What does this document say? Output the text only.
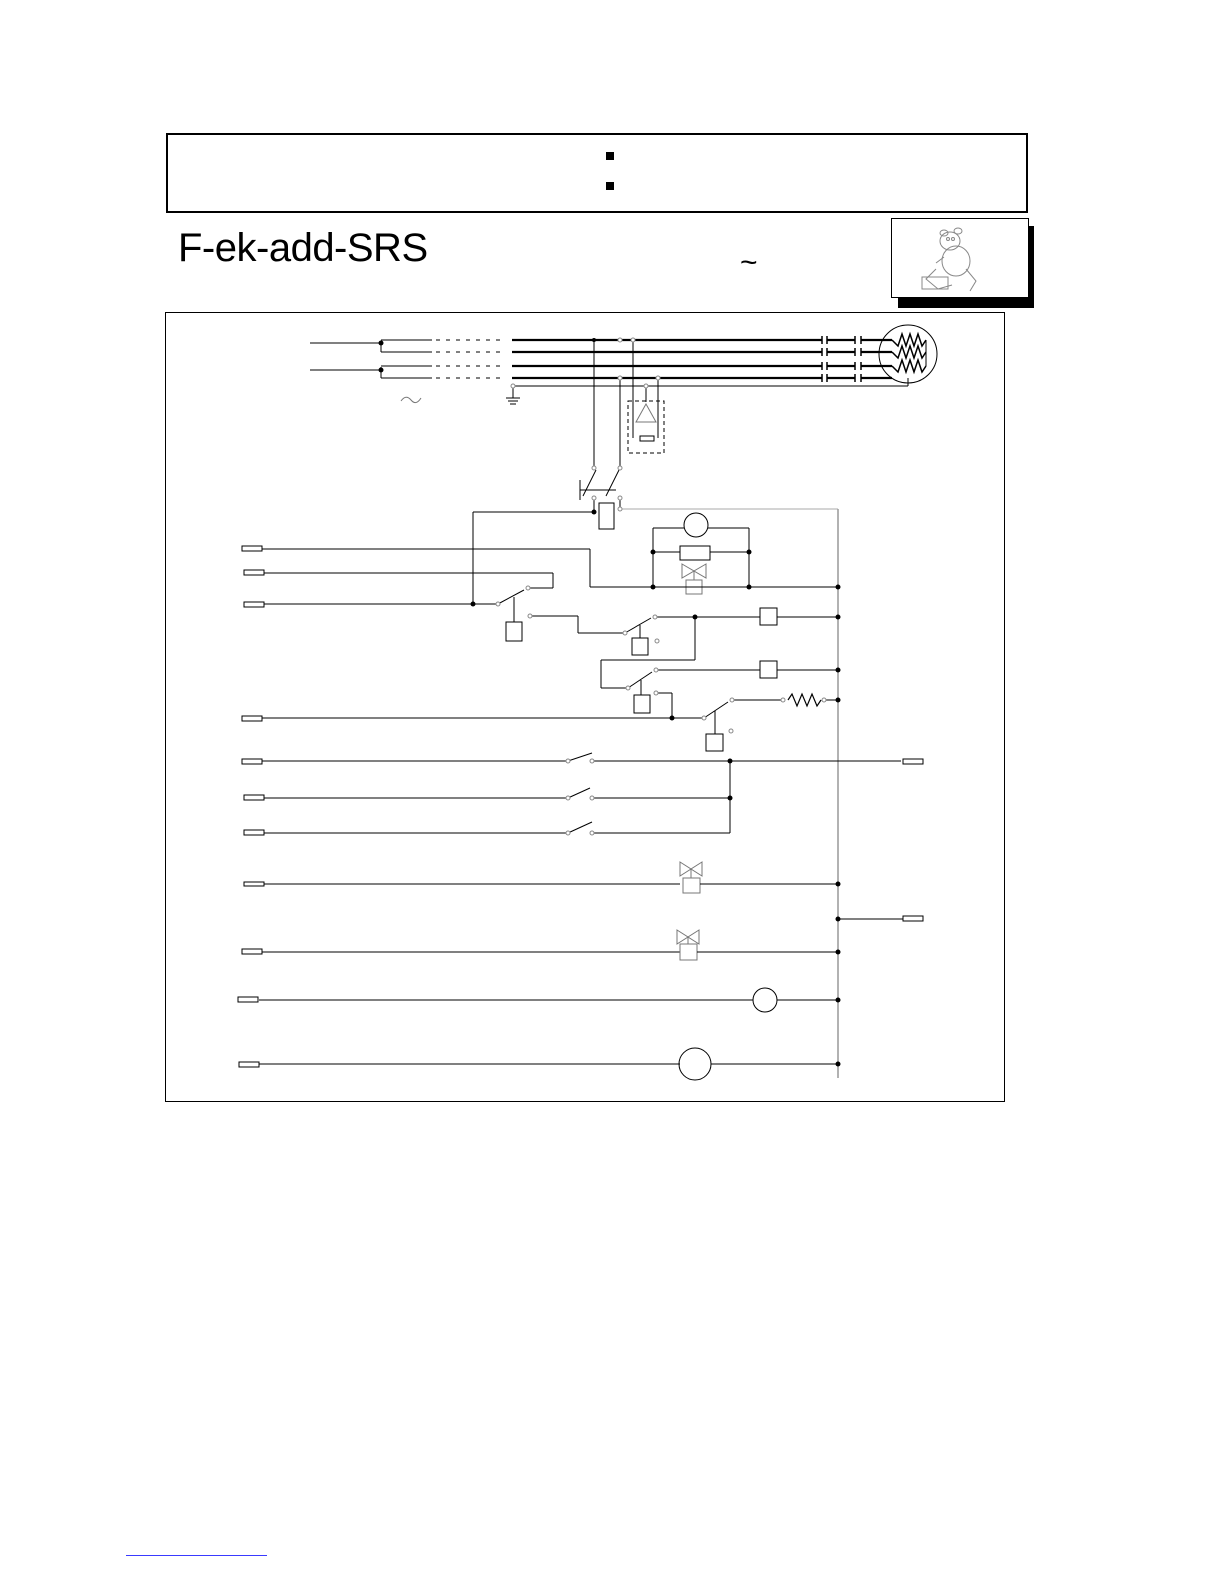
F-ek-add-SRS	~
